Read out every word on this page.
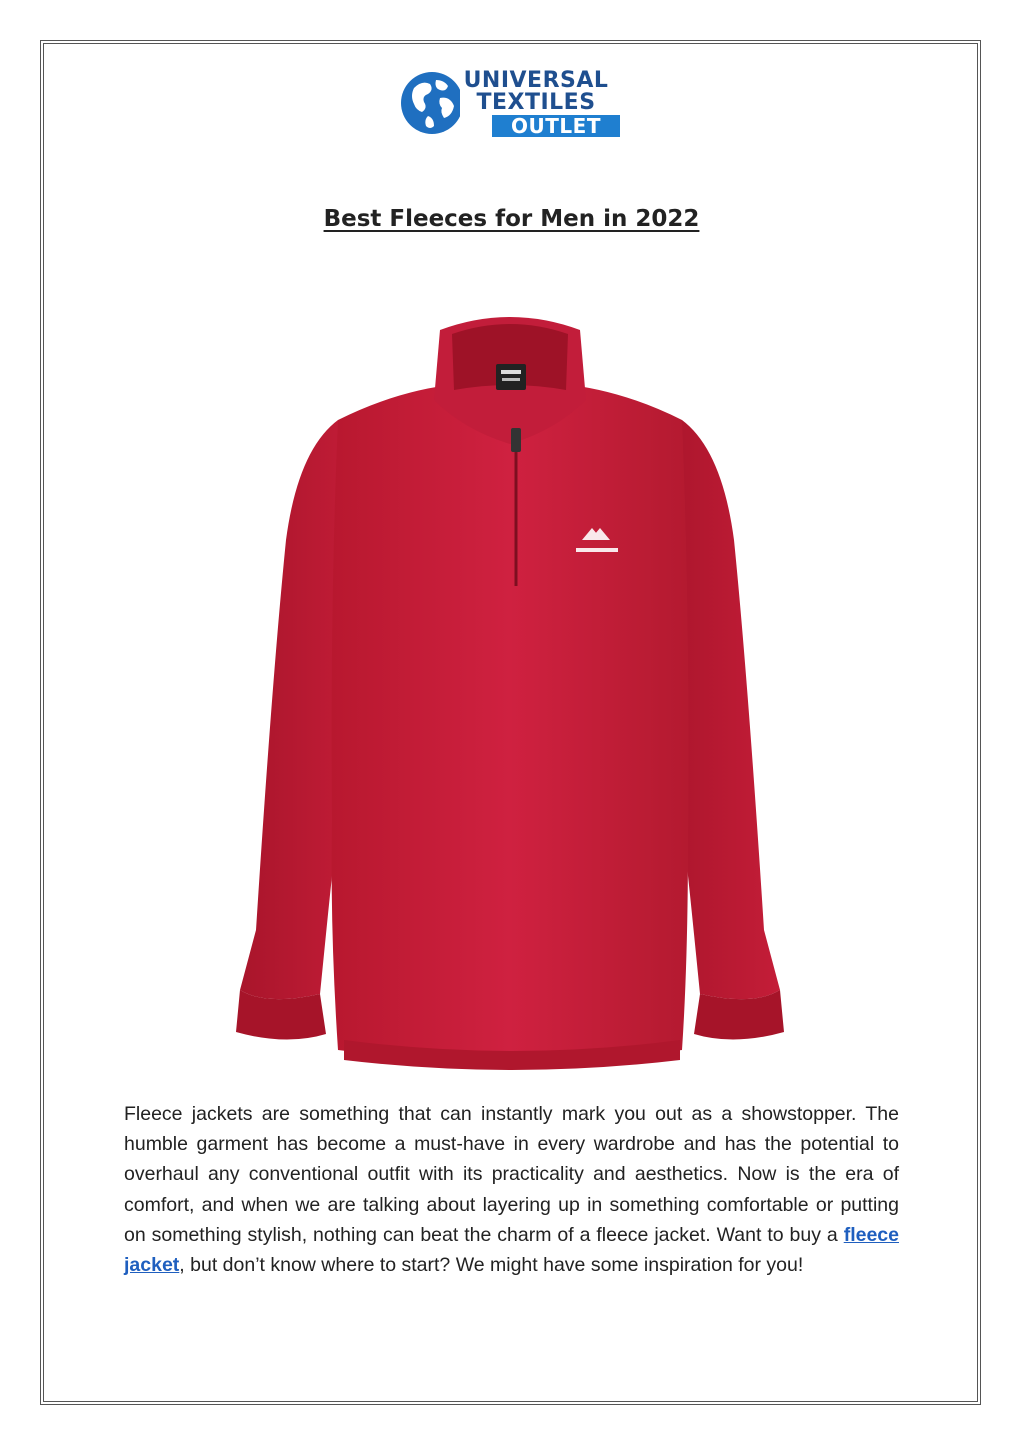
UNIVERSAL
TEXTILES
OUTLET
Best Fleeces for Men in 2022

Fleece jackets are something that can instantly mark you out as a showstopper. The humble garment has become a must-have in every wardrobe and has the potential to overhaul any conventional outfit with its practicality and aesthetics. Now is the era of comfort, and when we are talking about layering up in something comfortable or putting on something stylish, nothing can beat the charm of a fleece jacket. Want to buy a fleece jacket, but don’t know where to start? We might have some inspiration for you!
